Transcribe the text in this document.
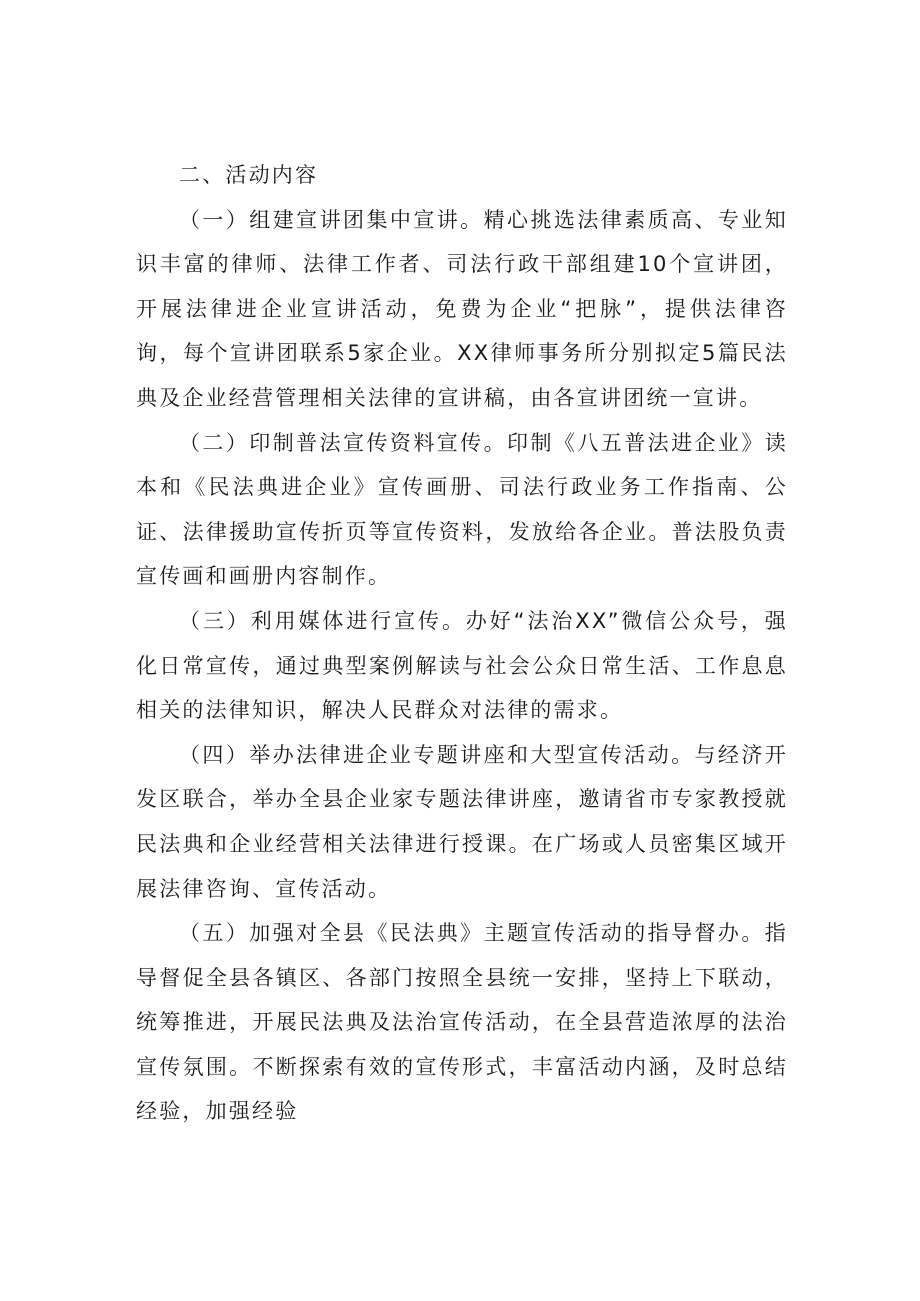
二、活动内容

（一）组建宣讲团集中宣讲。精心挑选法律素质高、专业知识丰富的律师、法律工作者、司法行政干部组建10个宣讲团，开展法律进企业宣讲活动，免费为企业“把脉”，提供法律咨询，每个宣讲团联系5家企业。XX律师事务所分别拟定5篇民法典及企业经营管理相关法律的宣讲稿，由各宣讲团统一宣讲。

（二）印制普法宣传资料宣传。印制《八五普法进企业》读本和《民法典进企业》宣传画册、司法行政业务工作指南、公证、法律援助宣传折页等宣传资料，发放给各企业。普法股负责宣传画和画册内容制作。

（三）利用媒体进行宣传。办好“法治XX”微信公众号，强化日常宣传，通过典型案例解读与社会公众日常生活、工作息息相关的法律知识，解决人民群众对法律的需求。

（四）举办法律进企业专题讲座和大型宣传活动。与经济开发区联合，举办全县企业家专题法律讲座，邀请省市专家教授就民法典和企业经营相关法律进行授课。在广场或人员密集区域开展法律咨询、宣传活动。

（五）加强对全县《民法典》主题宣传活动的指导督办。指导督促全县各镇区、各部门按照全县统一安排，坚持上下联动，统筹推进，开展民法典及法治宣传活动，在全县营造浓厚的法治宣传氛围。不断探索有效的宣传形式，丰富活动内涵，及时总结经验，加强经验
